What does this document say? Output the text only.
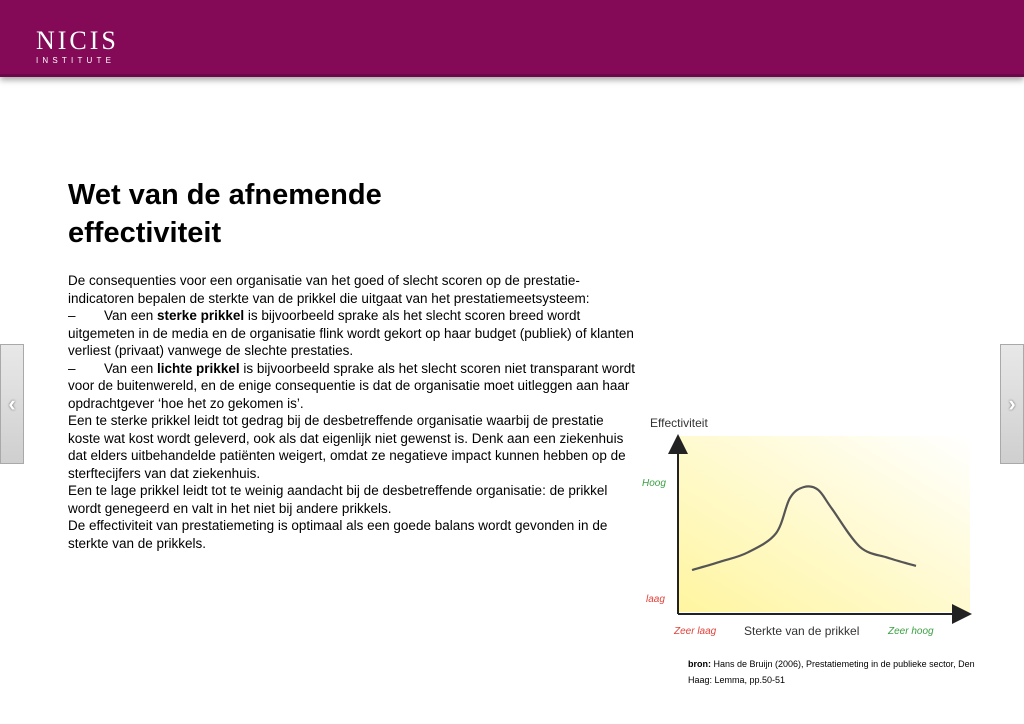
NICIS
INSTITUTE
‹	›
Wet van de afnemende effectiviteit

De consequenties voor een organisatie van het goed of slecht scoren op de prestatie-indicatoren bepalen de sterkte van de prikkel die uitgaat van het prestatiemeetsysteem:

– Van een sterke prikkel is bijvoorbeeld sprake als het slecht scoren breed wordt uitgemeten in de media en de organisatie flink wordt gekort op haar budget (publiek) of klanten verliest (privaat) vanwege de slechte prestaties.

– Van een lichte prikkel is bijvoorbeeld sprake als het slecht scoren niet transparant wordt voor de buitenwereld, en de enige consequentie is dat de organisatie moet uitleggen aan haar opdrachtgever ‘hoe het zo gekomen is’.

Een te sterke prikkel leidt tot gedrag bij de desbetreffende organisatie waarbij de prestatie koste wat kost wordt geleverd, ook als dat eigenlijk niet gewenst is. Denk aan een ziekenhuis dat elders uitbehandelde patiënten weigert, omdat ze negatieve impact kunnen hebben op de sterftecijfers van dat ziekenhuis.

Een te lage prikkel leidt tot te weinig aandacht bij de desbetreffende organisatie: de prikkel wordt genegeerd en valt in het niet bij andere prikkels.

De effectiviteit van prestatiemeting is optimaal als een goede balans wordt gevonden in de sterkte van de prikkels.

Effectiviteit
Hoog
laag
Zeer laag Sterkte van de prikkel	Zeer hoog
bron: Hans de Bruijn (2006), Prestatiemeting in de publieke sector, Den Haag: Lemma, pp.50-51
